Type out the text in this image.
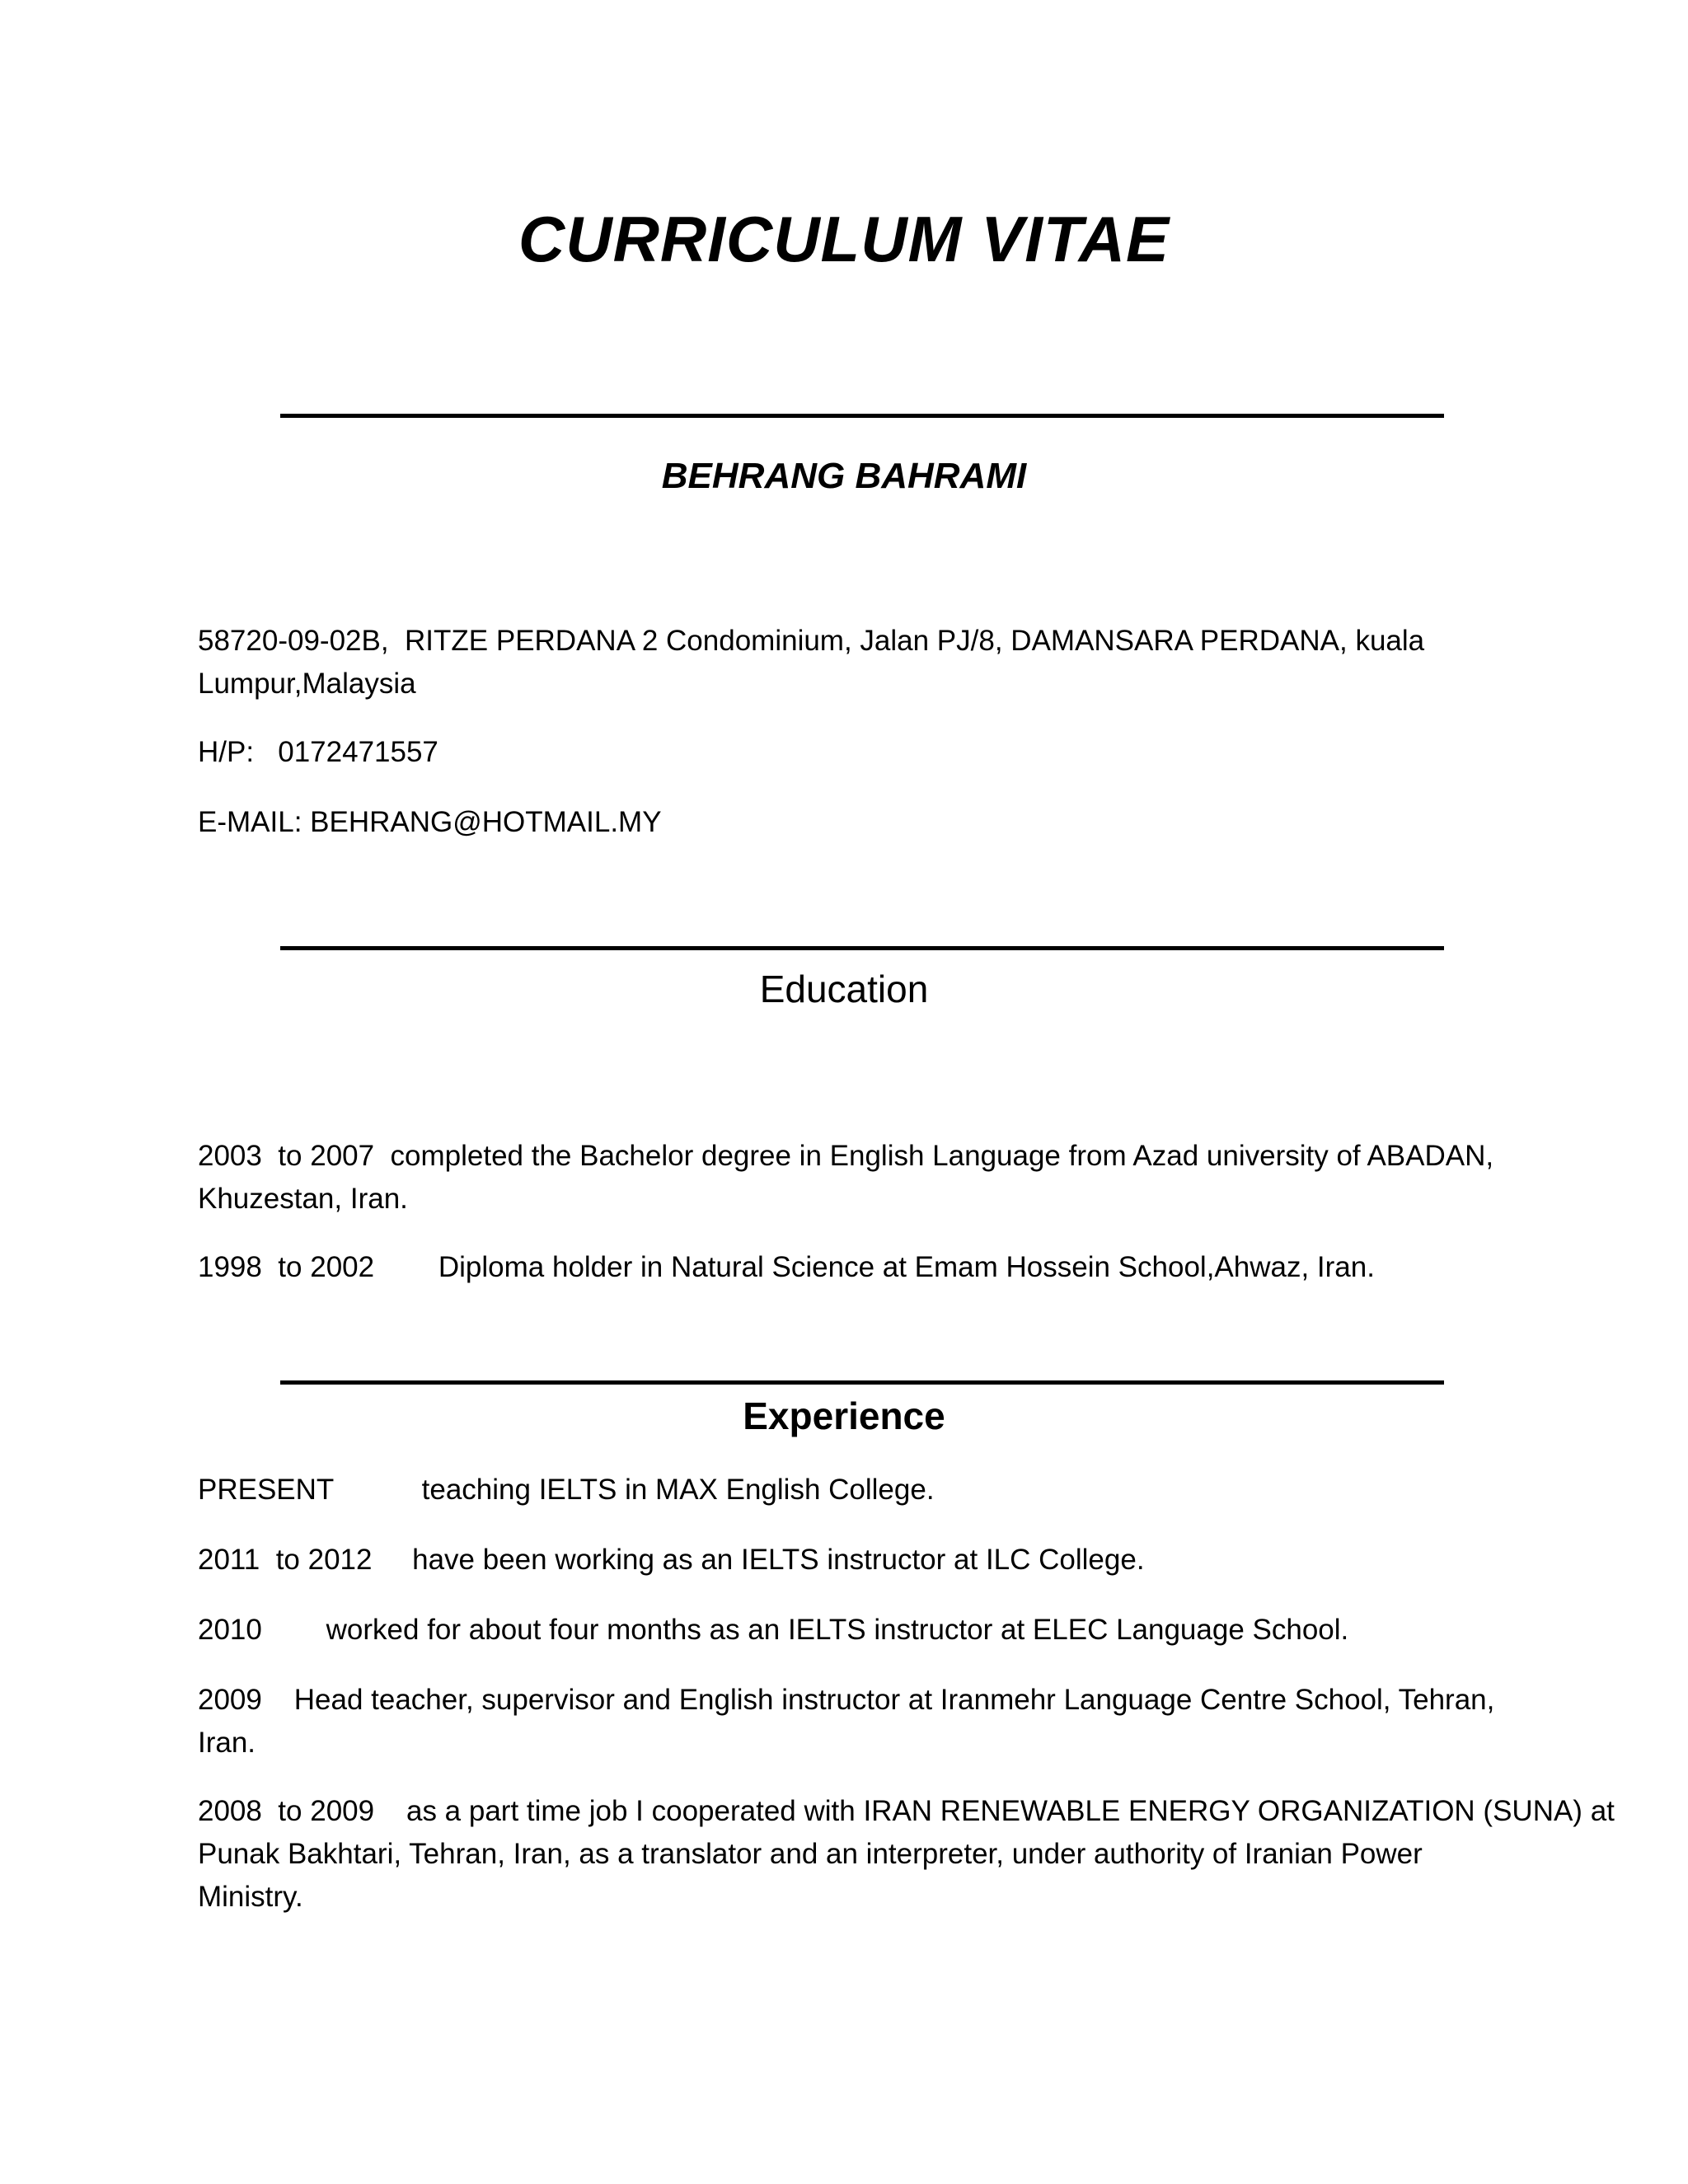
CURRICULUM VITAE
BEHRANG BAHRAMI
58720-09-02B,  RITZE PERDANA 2 Condominium, Jalan PJ/8, DAMANSARA PERDANA, kuala
Lumpur,Malaysia
H/P:   0172471557
E-MAIL: BEHRANG@HOTMAIL.MY
Education
2003  to 2007  completed the Bachelor degree in English Language from Azad university of ABADAN,
Khuzestan, Iran.
1998  to 2002        Diploma holder in Natural Science at Emam Hossein School,Ahwaz, Iran.
Experience
PRESENT           teaching IELTS in MAX English College.
2011  to 2012     have been working as an IELTS instructor at ILC College.
2010        worked for about four months as an IELTS instructor at ELEC Language School.
2009    Head teacher, supervisor and English instructor at Iranmehr Language Centre School, Tehran,
Iran.
2008  to 2009    as a part time job I cooperated with IRAN RENEWABLE ENERGY ORGANIZATION (SUNA) at
Punak Bakhtari, Tehran, Iran, as a translator and an interpreter, under authority of Iranian Power
Ministry.
